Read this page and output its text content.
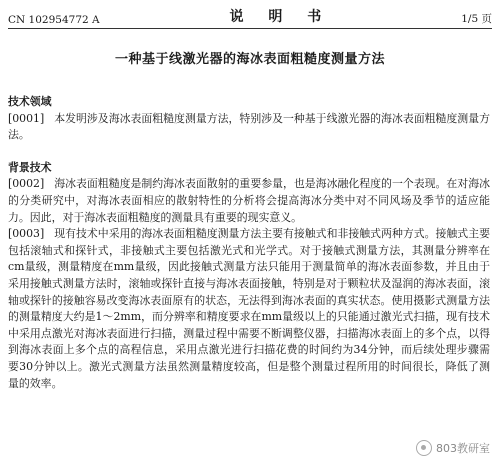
CN 102954772 A	说 明 书	1/5 页
一种基于线激光器的海冰表面粗糙度测量方法

技术领域

[0001] 本发明涉及海冰表面粗糙度测量方法，特别涉及一种基于线激光器的海冰表面粗糙度测量方法。

背景技术

[0002] 海冰表面粗糙度是制约海冰表面散射的重要参量，也是海冰融化程度的一个表现。在对海冰的分类研究中，对海冰表面相应的散射特性的分析将会提高海冰分类中对不同风场及季节的适应能力。因此，对于海冰表面粗糙度的测量具有重要的现实意义。

[0003] 现有技术中采用的海冰表面粗糙度测量方法主要有接触式和非接触式两种方式。接触式主要包括滚轴式和探针式，非接触式主要包括激光式和光学式。对于接触式测量方法，其测量分辨率在cm量级，测量精度在mm量级，因此接触式测量方法只能用于测量简单的海冰表面参数，并且由于采用接触式测量方法时，滚轴或探针直接与海冰表面接触，特别是对于颗粒状及湿润的海冰表面，滚轴或探针的接触容易改变海冰表面原有的状态，无法得到海冰表面的真实状态。使用摄影式测量方法的测量精度大约是1～2mm，而分辨率和精度要求在mm量级以上的只能通过激光式扫描，现有技术中采用点激光对海冰表面进行扫描，测量过程中需要不断调整仪器，扫描海冰表面上的多个点，以得到海冰表面上多个点的高程信息，采用点激光进行扫描花费的时间约为34分钟，而后续处理步骤需要30分钟以上。激光式测量方法虽然测量精度较高，但是整个测量过程所用的时间很长，降低了测量的效率。

803教研室
